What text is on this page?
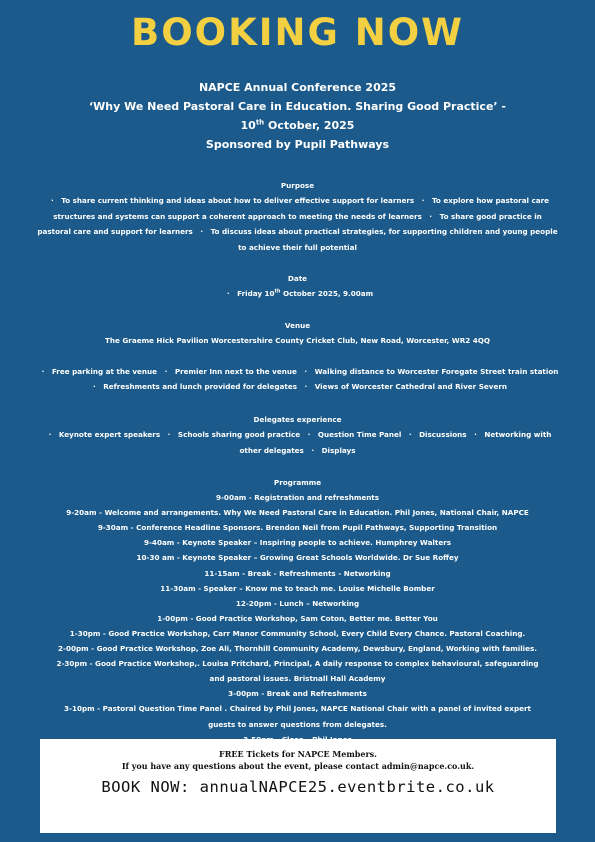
BOOKING NOW
NAPCE Annual Conference 2025
‘Why We Need Pastoral Care in Education. Sharing Good Practice’ -
10th October, 2025
Sponsored by Pupil Pathways
Purpose
· To share current thinking and ideas about how to deliver effective support for learners · To explore how pastoral care structures and systems can support a coherent approach to meeting the needs of learners · To share good practice in pastoral care and support for learners · To discuss ideas about practical strategies, for supporting children and young people to achieve their full potential
Date
· Friday 10th October 2025, 9.00am
Venue
The Graeme Hick Pavilion Worcestershire County Cricket Club, New Road, Worcester, WR2 4QQ
· Free parking at the venue · Premier Inn next to the venue · Walking distance to Worcester Foregate Street train station · Refreshments and lunch provided for delegates · Views of Worcester Cathedral and River Severn
Delegates experience
· Keynote expert speakers · Schools sharing good practice · Question Time Panel · Discussions · Networking with other delegates · Displays
Programme
9-00am - Registration and refreshments
9-20am - Welcome and arrangements. Why We Need Pastoral Care in Education. Phil Jones, National Chair, NAPCE
9-30am - Conference Headline Sponsors. Brendon Neil from Pupil Pathways, Supporting Transition
9-40am - Keynote Speaker – Inspiring people to achieve. Humphrey Walters
10-30 am - Keynote Speaker – Growing Great Schools Worldwide. Dr Sue Roffey
11-15am - Break - Refreshments - Networking
11-30am - Speaker – Know me to teach me. Louise Michelle Bomber
12-20pm - Lunch – Networking
1-00pm - Good Practice Workshop, Sam Coton, Better me. Better You
1-30pm - Good Practice Workshop, Carr Manor Community School, Every Child Every Chance. Pastoral Coaching.
2-00pm - Good Practice Workshop, Zoe Ali, Thornhill Community Academy, Dewsbury, England, Working with families.
2-30pm - Good Practice Workshop,. Louisa Pritchard, Principal, A daily response to complex behavioural, safeguarding
and pastoral issues. Bristnall Hall Academy
3-00pm - Break and Refreshments
3-10pm - Pastoral Question Time Panel . Chaired by Phil Jones, NAPCE National Chair with a panel of invited expert
guests to answer questions from delegates.
FREE Tickets for NAPCE Members.
If you have any questions about the event, please contact admin@napce.co.uk.
BOOK NOW: annualNAPCE25.eventbrite.co.uk
